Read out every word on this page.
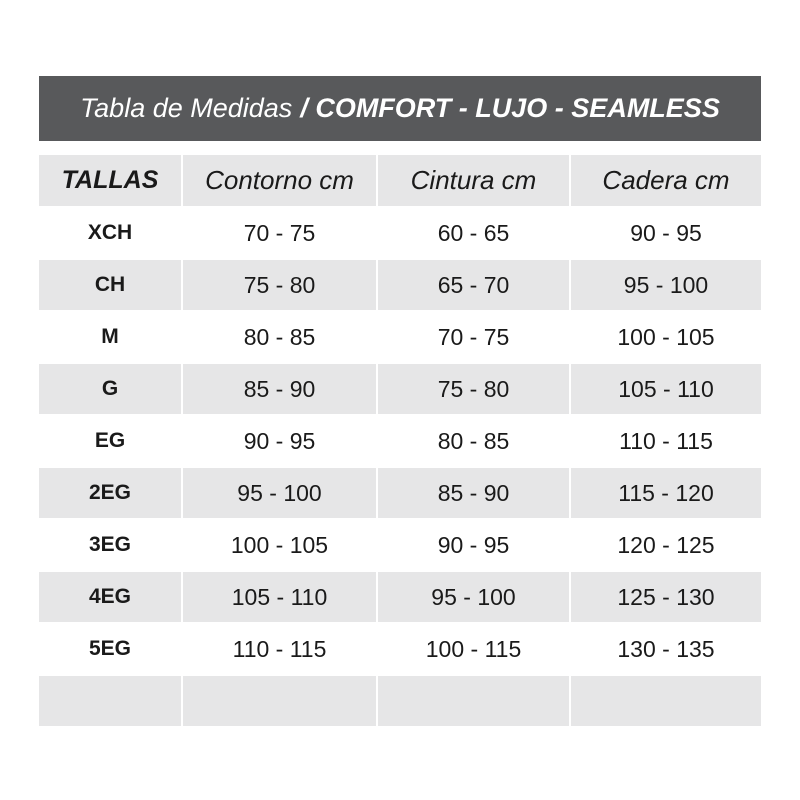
Tabla de Medidas / COMFORT - LUJO - SEAMLESS
TALLAS	Contorno cm	Cintura cm	Cadera cm
XCH	70 - 75	60 - 65	90 - 95
CH	75 - 80	65 - 70	95 - 100
M	80 - 85	70 - 75	100 - 105
G	85 - 90	75 - 80	105 - 110
EG	90 - 95	80 - 85	110 - 115
2EG	95 - 100	85 - 90	115 - 120
3EG	100 - 105	90 - 95	120 - 125
4EG	105 - 110	95 - 100	125 - 130
5EG	110 - 115	100 - 115	130 - 135
